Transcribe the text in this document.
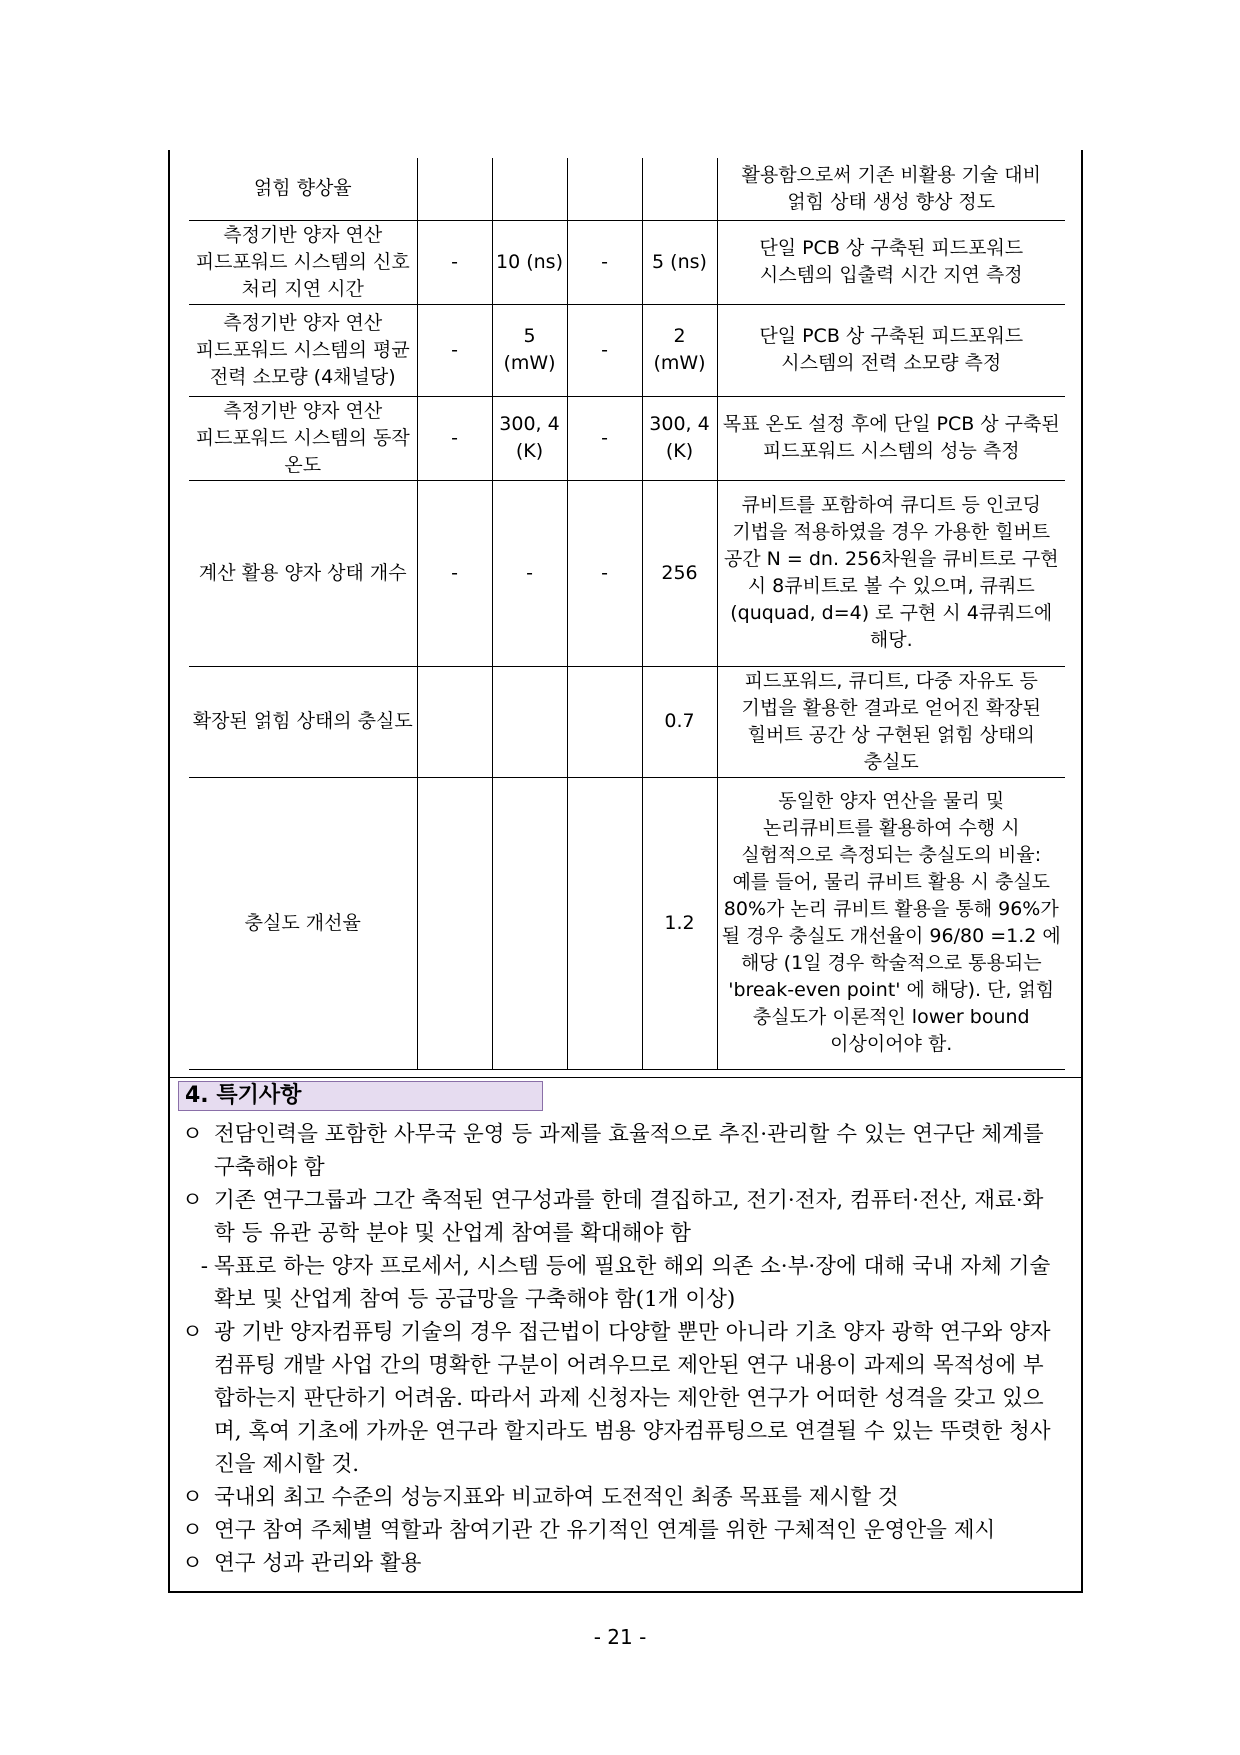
얽힘 향상율					활용함으로써 기존 비활용 기술 대비 얽힘 상태 생성 향상 정도
측정기반 양자 연산 피드포워드 시스템의 신호 처리 지연 시간	-	10 (ns)	-	5 (ns)	단일 PCB 상 구축된 피드포워드 시스템의 입출력 시간 지연 측정
측정기반 양자 연산 피드포워드 시스템의 평균 전력 소모량 (4채널당)	-	5 (mW)	-	2 (mW)	단일 PCB 상 구축된 피드포워드 시스템의 전력 소모량 측정
측정기반 양자 연산 피드포워드 시스템의 동작 온도	-	300, 4 (K)	-	300, 4 (K)	목표 온도 설정 후에 단일 PCB 상 구축된 피드포워드 시스템의 성능 측정
계산 활용 양자 상태 개수	-	-	-	256	큐비트를 포함하여 큐디트 등 인코딩 기법을 적용하였을 경우 가용한 힐버트 공간 N = dn. 256차원을 큐비트로 구현 시 8큐비트로 볼 수 있으며, 큐쿼드(ququad, d=4) 로 구현 시 4큐쿼드에 해당.
확장된 얽힘 상태의 충실도				0.7	피드포워드, 큐디트, 다중 자유도 등 기법을 활용한 결과로 얻어진 확장된 힐버트 공간 상 구현된 얽힘 상태의 충실도
충실도 개선율				1.2	동일한 양자 연산을 물리 및 논리큐비트를 활용하여 수행 시 실험적으로 측정되는 충실도의 비율: 예를 들어, 물리 큐비트 활용 시 충실도 80%가 논리 큐비트 활용을 통해 96%가 될 경우 충실도 개선율이 96/80 =1.2 에 해당 (1일 경우 학술적으로 통용되는 'break-even point' 에 해당). 단, 얽힘 충실도가 이론적인 lower bound 이상이어야 함.
4. 특기사항
ㅇ 전담인력을 포함한 사무국 운영 등 과제를 효율적으로 추진·관리할 수 있는 연구단 체계를 구축해야 함
ㅇ 기존 연구그룹과 그간 축적된 연구성과를 한데 결집하고, 전기·전자, 컴퓨터·전산, 재료·화학 등 유관 공학 분야 및 산업계 참여를 확대해야 함
- 목표로 하는 양자 프로세서, 시스템 등에 필요한 해외 의존 소·부·장에 대해 국내 자체 기술 확보 및 산업계 참여 등 공급망을 구축해야 함(1개 이상)
ㅇ 광 기반 양자컴퓨팅 기술의 경우 접근법이 다양할 뿐만 아니라 기초 양자 광학 연구와 양자컴퓨팅 개발 사업 간의 명확한 구분이 어려우므로 제안된 연구 내용이 과제의 목적성에 부합하는지 판단하기 어려움. 따라서 과제 신청자는 제안한 연구가 어떠한 성격을 갖고 있으며, 혹여 기초에 가까운 연구라 할지라도 범용 양자컴퓨팅으로 연결될 수 있는 뚜렷한 청사진을 제시할 것.
ㅇ 국내외 최고 수준의 성능지표와 비교하여 도전적인 최종 목표를 제시할 것
ㅇ 연구 참여 주체별 역할과 참여기관 간 유기적인 연계를 위한 구체적인 운영안을 제시
ㅇ 연구 성과 관리와 활용
- 21 -
